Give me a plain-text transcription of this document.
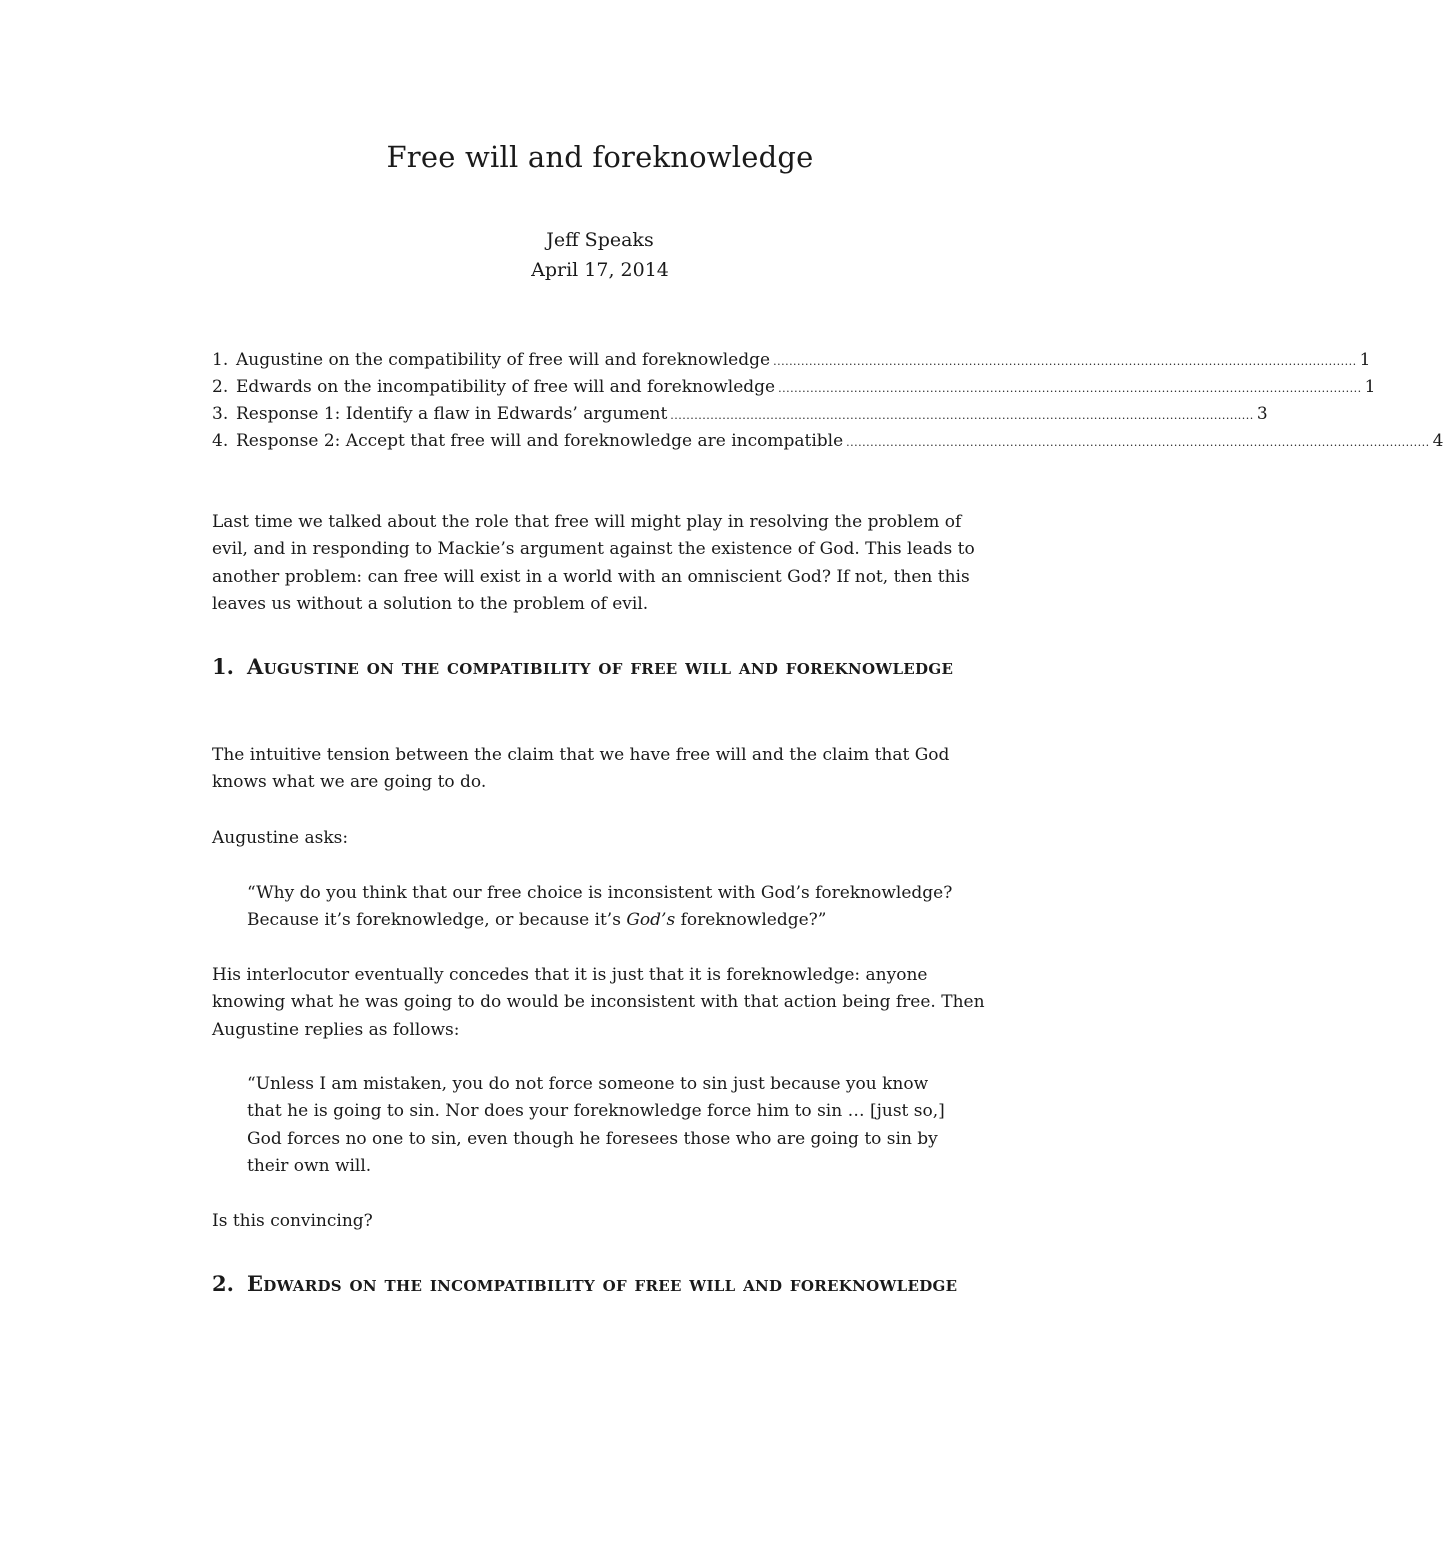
Free will and foreknowledge
Jeff Speaks
April 17, 2014
1. Augustine on the compatibility of free will and foreknowledge .................................................................................................................................................. 1
2. Edwards on the incompatibility of free will and foreknowledge .................................................................................................................................................. 1
3. Response 1: Identify a flaw in Edwards’ argument .................................................................................................................................................. 3
4. Response 2: Accept that free will and foreknowledge are incompatible .................................................................................................................................................. 4

Last time we talked about the role that free will might play in resolving the problem of evil, and in responding to Mackie’s argument against the existence of God. This leads to another problem: can free will exist in a world with an omniscient God? If not, then this leaves us without a solution to the problem of evil.

1. Augustine on the compatibility of free will and foreknowledge

The intuitive tension between the claim that we have free will and the claim that God knows what we are going to do.

Augustine asks:

“Why do you think that our free choice is inconsistent with God’s foreknowledge? Because it’s foreknowledge, or because it’s God’s foreknowledge?”

His interlocutor eventually concedes that it is just that it is foreknowledge: anyone knowing what he was going to do would be inconsistent with that action being free. Then Augustine replies as follows:

“Unless I am mistaken, you do not force someone to sin just because you know that he is going to sin. Nor does your foreknowledge force him to sin … [just so,] God forces no one to sin, even though he foresees those who are going to sin by their own will.

Is this convincing?

2. Edwards on the incompatibility of free will and foreknowledge
